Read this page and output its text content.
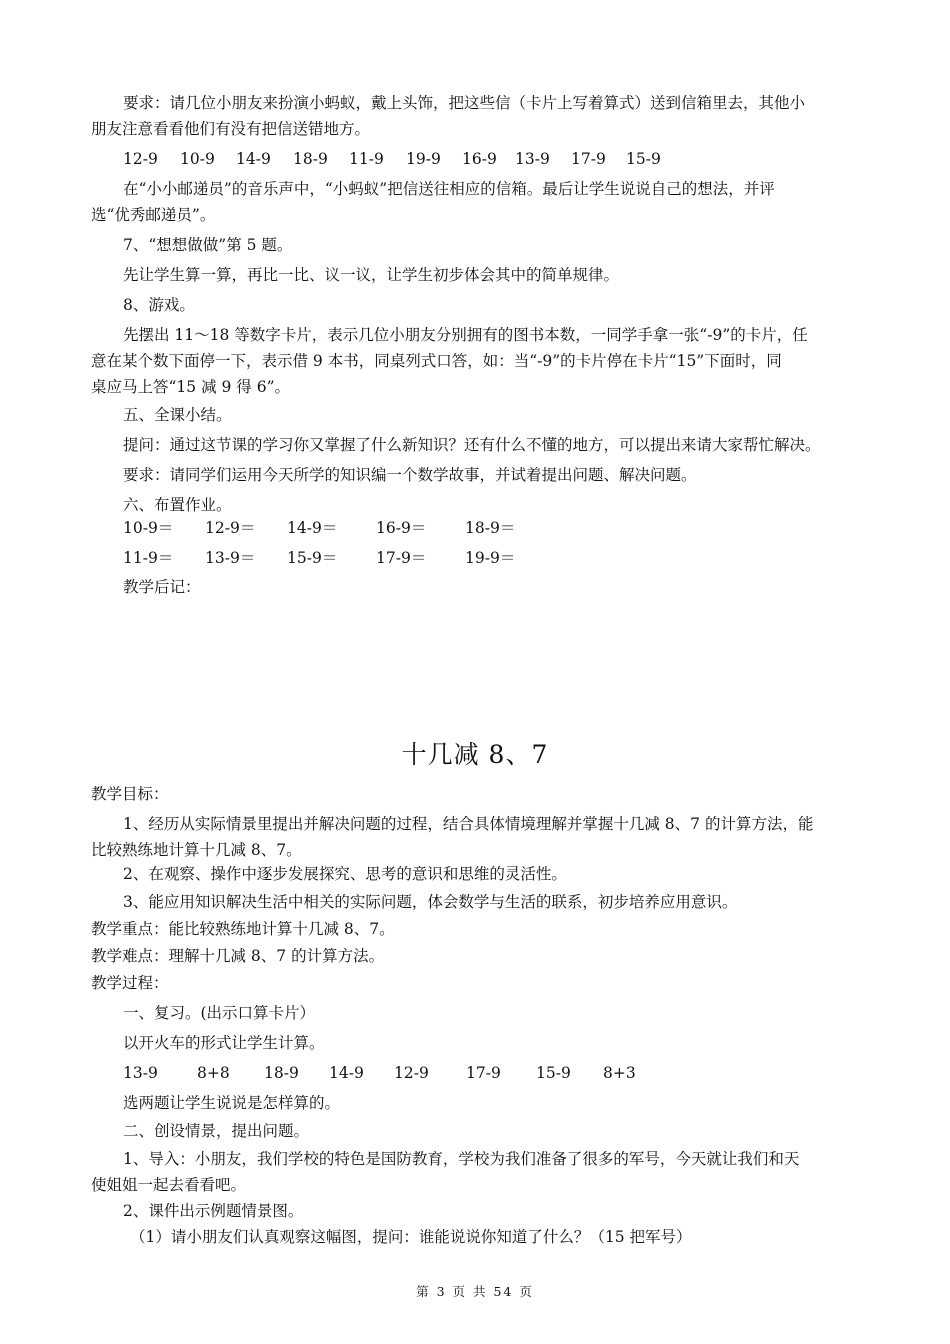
要求：请几位小朋友来扮演小蚂蚁，戴上头饰，把这些信（卡片上写着算式）送到信箱里去，其他小
朋友注意看看他们有没有把信送错地方。
12-9 10-9 14-9 18-9 11-9 19-9 16-9 13-9 17-9 15-9
在“小小邮递员”的音乐声中，“小蚂蚁”把信送往相应的信箱。最后让学生说说自己的想法，并评
选“优秀邮递员”。
7、“想想做做”第 5 题。
先让学生算一算，再比一比、议一议，让学生初步体会其中的简单规律。
8、游戏。
先摆出 11～18 等数字卡片，表示几位小朋友分别拥有的图书本数，一同学手拿一张“-9”的卡片，任
意在某个数下面停一下，表示借 9 本书，同桌列式口答，如：当“-9”的卡片停在卡片“15”下面时，同
桌应马上答“15 减 9 得 6”。
五、全课小结。
提问：通过这节课的学习你又掌握了什么新知识？还有什么不懂的地方，可以提出来请大家帮忙解决。
要求：请同学们运用今天所学的知识编一个数学故事，并试着提出问题、解决问题。
六、布置作业。
10-9＝ 12-9＝ 14-9＝ 16-9＝ 18-9＝
11-9＝ 13-9＝ 15-9＝ 17-9＝ 19-9＝
教学后记：
十几减 8、7
教学目标：
1、经历从实际情景里提出并解决问题的过程，结合具体情境理解并掌握十几减 8、7 的计算方法，能
比较熟练地计算十几减 8、7。
2、在观察、操作中逐步发展探究、思考的意识和思维的灵活性。
3、能应用知识解决生活中相关的实际问题，体会数学与生活的联系，初步培养应用意识。
教学重点：能比较熟练地计算十几减 8、7。
教学难点：理解十几减 8、7 的计算方法。
教学过程：
一、复习。(出示口算卡片）
以开火车的形式让学生计算。
13-9	8+8 18-9 14-9 12-9 17-9 15-9 8+3
选两题让学生说说是怎样算的。
二、创设情景，提出问题。
1、导入：小朋友，我们学校的特色是国防教育，学校为我们准备了很多的军号，今天就让我们和天
使姐姐一起去看看吧。
2、课件出示例题情景图。
（1）请小朋友们认真观察这幅图，提问：谁能说说你知道了什么？（15 把军号）
第 3 页 共 54 页
